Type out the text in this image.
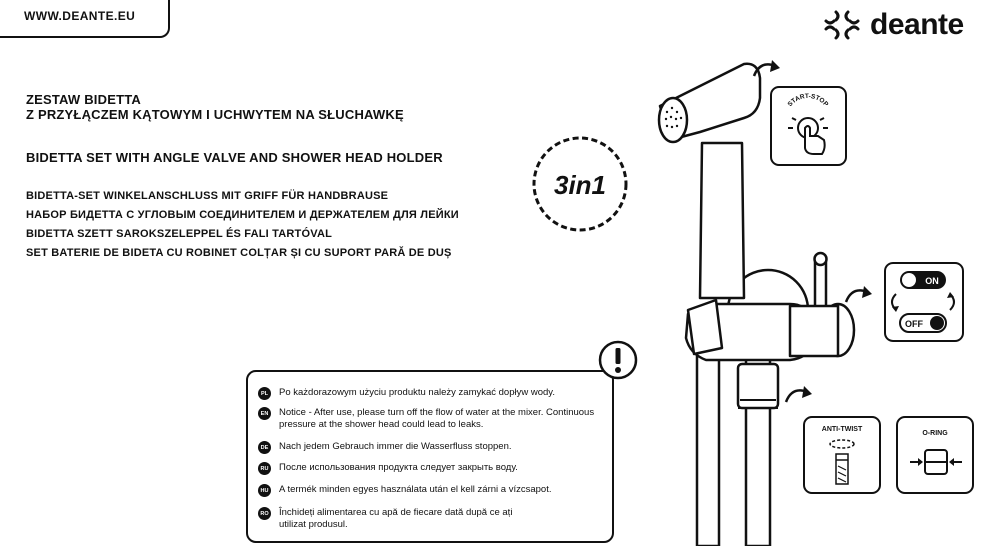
WWW.DEANTE.EU	deante
ZESTAW BIDETTA
Z PRZYŁĄCZEM KĄTOWYM I UCHWYTEM NA SŁUCHAWKĘ
BIDETTA SET WITH ANGLE VALVE AND SHOWER HEAD HOLDER
BIDETTA-SET WINKELANSCHLUSS MIT GRIFF FÜR HANDBRAUSE
НАБОР БИДЕТТА С УГЛОВЫМ СОЕДИНИТЕЛЕМ И ДЕРЖАТЕЛЕМ ДЛЯ ЛЕЙКИ
BIDETTA SZETT SAROKSZELEPPEL ÉS FALI TARTÓVAL
SET BATERIE DE BIDETA CU ROBINET COLȚAR ȘI CU SUPORT PARĂ DE DUȘ
3in1
START-STOP
ON
OFF
ANTI-TWIST
O-RING
PL	Po każdorazowym użyciu produktu należy zamykać dopływ wody.
EN Notice - After use, please turn off the flow of water at the mixer. Continuous pressure at the shower head could lead to leaks.
DE Nach jedem Gebrauch immer die Wasserfluss stoppen.
RU После использования продукта следует закрыть воду.
HU A termék minden egyes használata után el kell zárni a vízcsapot.
RO Închideți alimentarea cu apă de fiecare dată după ce ați utilizat produsul.
